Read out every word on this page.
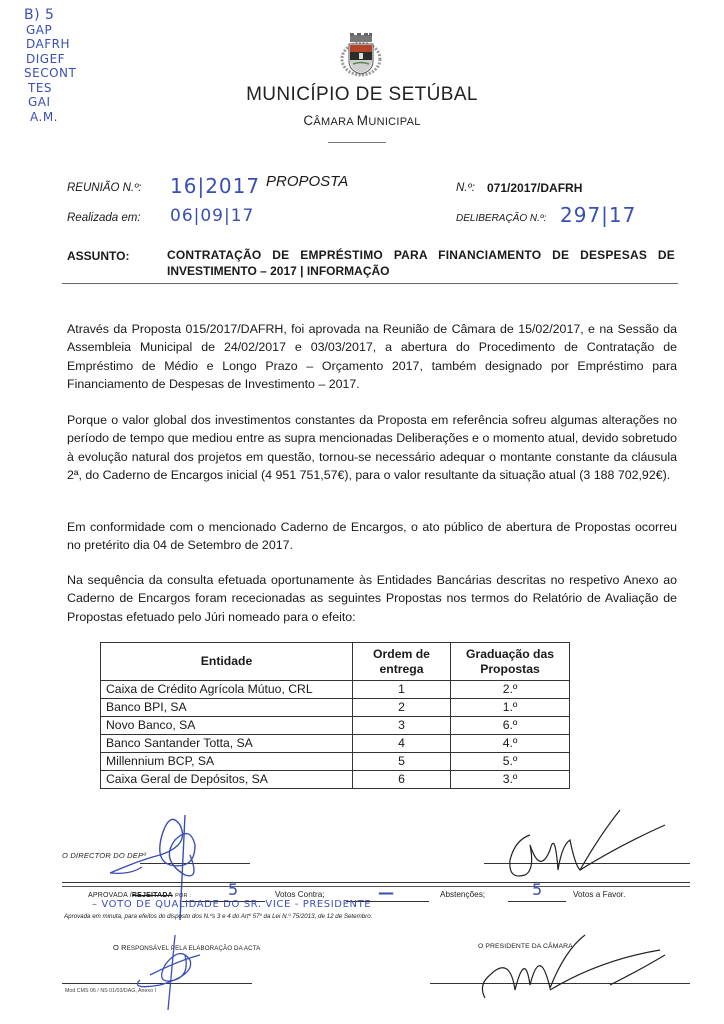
B) 5
GAP
DAFRH
DIGEF
SECONT
TES
GAI
A.M.
MUNICÍPIO DE SETÚBAL
CÂMARA MUNICIPAL
REUNIÃO N.º: 16|2017 PROPOSTA	N.º: 071/2017/DAFRH
Realizada em: 06|09|17	DELIBERAÇÃO N.º: 297|17
ASSUNTO:	CONTRATAÇÃO DE EMPRÉSTIMO PARA FINANCIAMENTO DE DESPESAS DE
INVESTIMENTO – 2017 | INFORMAÇÃO
Através da Proposta 015/2017/DAFRH, foi aprovada na Reunião de Câmara de 15/02/2017, e na Sessão da Assembleia Municipal de 24/02/2017 e 03/03/2017, a abertura do Procedimento de Contratação de Empréstimo de Médio e Longo Prazo – Orçamento 2017, também designado por Empréstimo para Financiamento de Despesas de Investimento – 2017.
Porque o valor global dos investimentos constantes da Proposta em referência sofreu algumas alterações no período de tempo que mediou entre as supra mencionadas Deliberações e o momento atual, devido sobretudo à evolução natural dos projetos em questão, tornou-se necessário adequar o montante constante da cláusula 2ª, do Caderno de Encargos inicial (4 951 751,57€), para o valor resultante da situação atual (3 188 702,92€).
Em conformidade com o mencionado Caderno de Encargos, o ato público de abertura de Propostas ocorreu no pretérito dia 04 de Setembro de 2017.
Na sequência da consulta efetuada oportunamente às Entidades Bancárias descritas no respetivo Anexo ao Caderno de Encargos foram rececionadas as seguintes Propostas nos termos do Relatório de Avaliação de Propostas efetuado pelo Júri nomeado para o efeito:
Entidade	Ordem de entrega	Graduação das Propostas
Caixa de Crédito Agrícola Mútuo, CRL	1	2.º
Banco BPI, SA	2	1.º
Novo Banco, SA	3	6.º
Banco Santander Totta, SA	4	4.º
Millennium BCP, SA	5	5.º
Caixa Geral de Depósitos, SA	6	3.º
O DIRECTOR DO DEPº
APROVADA /REJEITADA POR : 5	Votos Contra;	—	Abstenções;	5	Votos a Favor.
– VOTO DE QUALIDADE DO SR. VICE - PRESIDENTE
Aprovada em minuta, para efeitos do disposto dos N.ºs 3 e 4 do Artº 57º da Lei N.º 75/2013, de 12 de Setembro.
O RESPONSÁVEL PELA ELABORAÇÃO DA ACTA	O PRESIDENTE DA CÂMARA
Mod CMS 06 / NS 01/03/DAG, Anexo I
